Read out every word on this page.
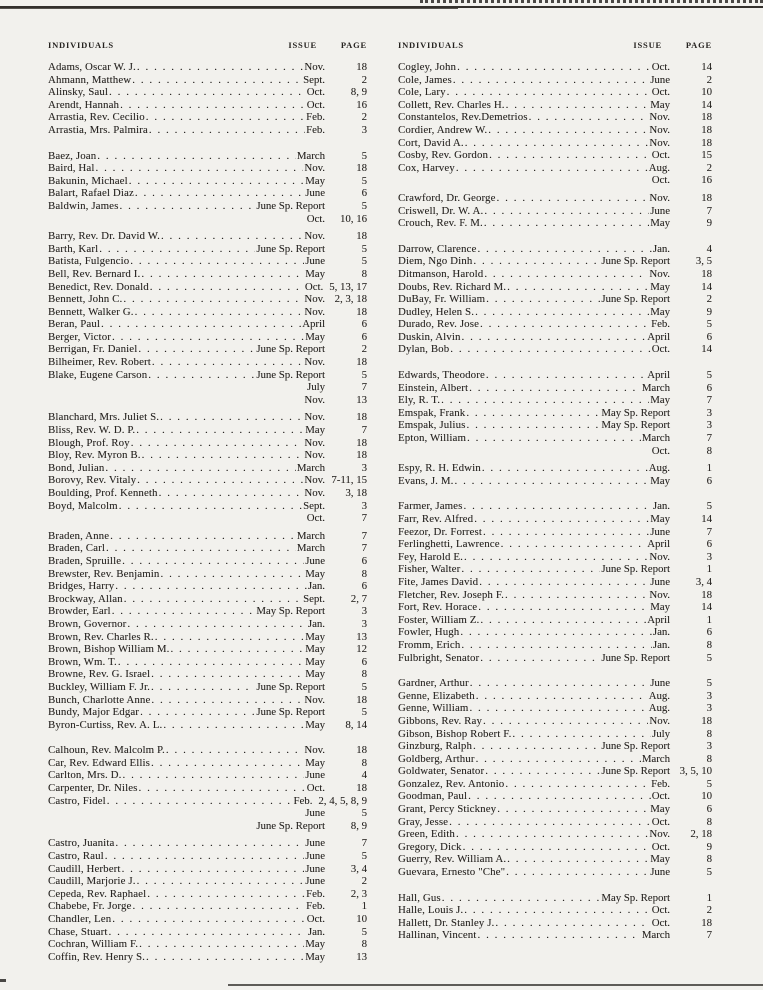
INDIVIDUALS	ISSUE	PAGE
Adams, Oscar W. J. . . .	Nov.	18
Ahmann, Matthew . . .	Sept.	2
Alinsky, Saul . . .	Oct.	8, 9
Arendt, Hannah . . .	Oct.	16
Arrastia, Rev. Cecilio . . .	Feb.	2
Arrastia, Mrs. Palmira . . .	Feb.	3
Baez, Joan . . .	March	5
Baird, Hal . . .	Nov.	18
Bakunin, Michael . . .	May	5
Balart, Rafael Diaz . . .	June	6
Baldwin, James . . .	June Sp. Report	5
Oct.	10, 16
Barry, Rev. Dr. David W. . . .	Nov.	18
Barth, Karl . . .	June Sp. Report	5
Batista, Fulgencio . . .	June	5
Bell, Rev. Bernard I. . . .	May	8
Benedict, Rev. Donald . . .	Oct. 5, 13, 17
Bennett, John C. . . .	Nov. 2, 3, 18
Bennett, Walker G. . . .	Nov.	18
Beran, Paul . . .	April	6
Berger, Victor . . .	May	6
Berrigan, Fr. Daniel . . .	June Sp. Report	2
Bilheimer, Rev. Robert . . .	Nov.	18
Blake, Eugene Carson . . .	June Sp. Report	5
July	7
Nov.	13
Blanchard, Mrs. Juliet S. . . .	Nov.	18
Bliss, Rev. W. D. P. . . .	May	7
Blough, Prof. Roy . . .	Nov.	18
Bloy, Rev. Myron B. . . .	Nov.	18
Bond, Julian . . .	March	3
Borovy, Rev. Vitaly . . .	Nov. 7-11, 15
Boulding, Prof. Kenneth . . .	Nov.	3, 18
Boyd, Malcolm . . .	Sept.	3
Oct.	7
Braden, Anne . . .	March	7
Braden, Carl . . .	March	7
Braden, Spruille . . .	June	6
Brewster, Rev. Benjamin . . .	May	8
Bridges, Harry . . .	Jan.	6
Brockway, Allan . . .	Sept.	2, 7
Browder, Earl . . .	May Sp. Report	3
Brown, Governor . . .	Jan.	3
Brown, Rev. Charles R. . . .	May	13
Brown, Bishop William M. . . .	May	12
Brown, Wm. T. . . .	May	6
Browne, Rev. G. Israel . . .	May	8
Buckley, William F. Jr. . . .	June Sp. Report	5
Bunch, Charlotte Anne . . .	Nov.	18
Bundy, Major Edgar . . .	June Sp. Report	5
Byron-Curtiss, Rev. A. L. . . .	May	8, 14
Calhoun, Rev. Malcolm P. . . .	Nov.	18
Car, Rev. Edward Ellis . . .	May	8
Carlton, Mrs. D. . . .	June	4
Carpenter, Dr. Niles . . .	Oct.	18
Castro, Fidel . . .	Feb. 2, 4, 5, 8, 9
June	5
June Sp. Report	8, 9
Castro, Juanita . . .	June	7
Castro, Raul . . .	June	5
Caudill, Herbert . . .	June	3, 4
Caudill, Marjorie J. . . .	June	2
Cepeda, Rev. Raphael . . .	Feb.	2, 3
Chabebe, Fr. Jorge . . .	Feb.	1
Chandler, Len . . .	Oct.	10
Chase, Stuart . . .	Jan.	5
Cochran, William F. . . .	May	8
Coffin, Rev. Henry S. . . .	May	13
INDIVIDUALS	ISSUE	PAGE
Cogley, John . . .	Oct.	14
Cole, James . . .	June	2
Cole, Lary . . .	Oct.	10
Collett, Rev. Charles H. . . .	May	14
Constantelos, Rev.Demetrios . . .	Nov.	18
Cordier, Andrew W. . . .	Nov.	18
Cort, David A. . . .	Nov.	18
Cosby, Rev. Gordon . . .	Oct.	15
Cox, Harvey . . .	Aug.	2
Oct.	16
Crawford, Dr. George . . .	Nov.	18
Criswell, Dr. W. A. . . .	June	7
Crouch, Rev. F. M. . . .	May	9
Darrow, Clarence . . .	Jan.	4
Diem, Ngo Dinh . . .	June Sp. Report	3, 5
Ditmanson, Harold . . .	Nov.	18
Doubs, Rev. Richard M. . . .	May	14
DuBay, Fr. William . . .	June Sp. Report	2
Dudley, Helen S. . . .	May	9
Durado, Rev. Jose . . .	Feb.	5
Duskin, Alvin . . .	April	6
Dylan, Bob . . .	Oct.	14
Edwards, Theodore . . .	April	5
Einstein, Albert . . .	March	6
Ely, R. T. . . .	May	7
Emspak, Frank . . .	May Sp. Report	3
Emspak, Julius . . .	May Sp. Report	3
Epton, William . . .	March	7
Oct.	8
Espy, R. H. Edwin . . .	Aug.	1
Evans, J. M. . . .	May	6
Farmer, James . . .	Jan.	5
Farr, Rev. Alfred . . .	May	14
Feezor, Dr. Forrest . . .	June	7
Ferlinghetti, Lawrence . . .	April	6
Fey, Harold E. . . .	Nov.	3
Fisher, Walter . . .	June Sp. Report	1
Fite, James David . . .	June	3, 4
Fletcher, Rev. Joseph F. . . .	Nov.	18
Fort, Rev. Horace . . .	May	14
Foster, William Z. . . .	April	1
Fowler, Hugh . . .	Jan.	6
Fromm, Erich . . .	Jan.	8
Fulbright, Senator . . .	June Sp. Report	5
Gardner, Arthur . . .	June	5
Genne, Elizabeth . . .	Aug.	3
Genne, William . . .	Aug.	3
Gibbons, Rev. Ray . . .	Nov.	18
Gibson, Bishop Robert F. . . .	July	8
Ginzburg, Ralph . . .	June Sp. Report	3
Goldberg, Arthur . . .	March	8
Goldwater, Senator . . .	June Sp. Report 3, 5, 10
Gonzalez, Rev. Antonio . . .	Feb.	5
Goodman, Paul . . .	Oct.	10
Grant, Percy Stickney . . .	May	6
Gray, Jesse . . .	Oct.	8
Green, Edith . . .	Nov.	2, 18
Gregory, Dick . . .	Oct.	9
Guerry, Rev. William A. . . .	May	8
Guevara, Ernesto "Che" . . .	June	5
Hall, Gus . . .	May Sp. Report	1
Halle, Louis J. . . .	Oct.	2
Hallett, Dr. Stanley J. . . .	Oct.	18
Hallinan, Vincent . . .	March	7
